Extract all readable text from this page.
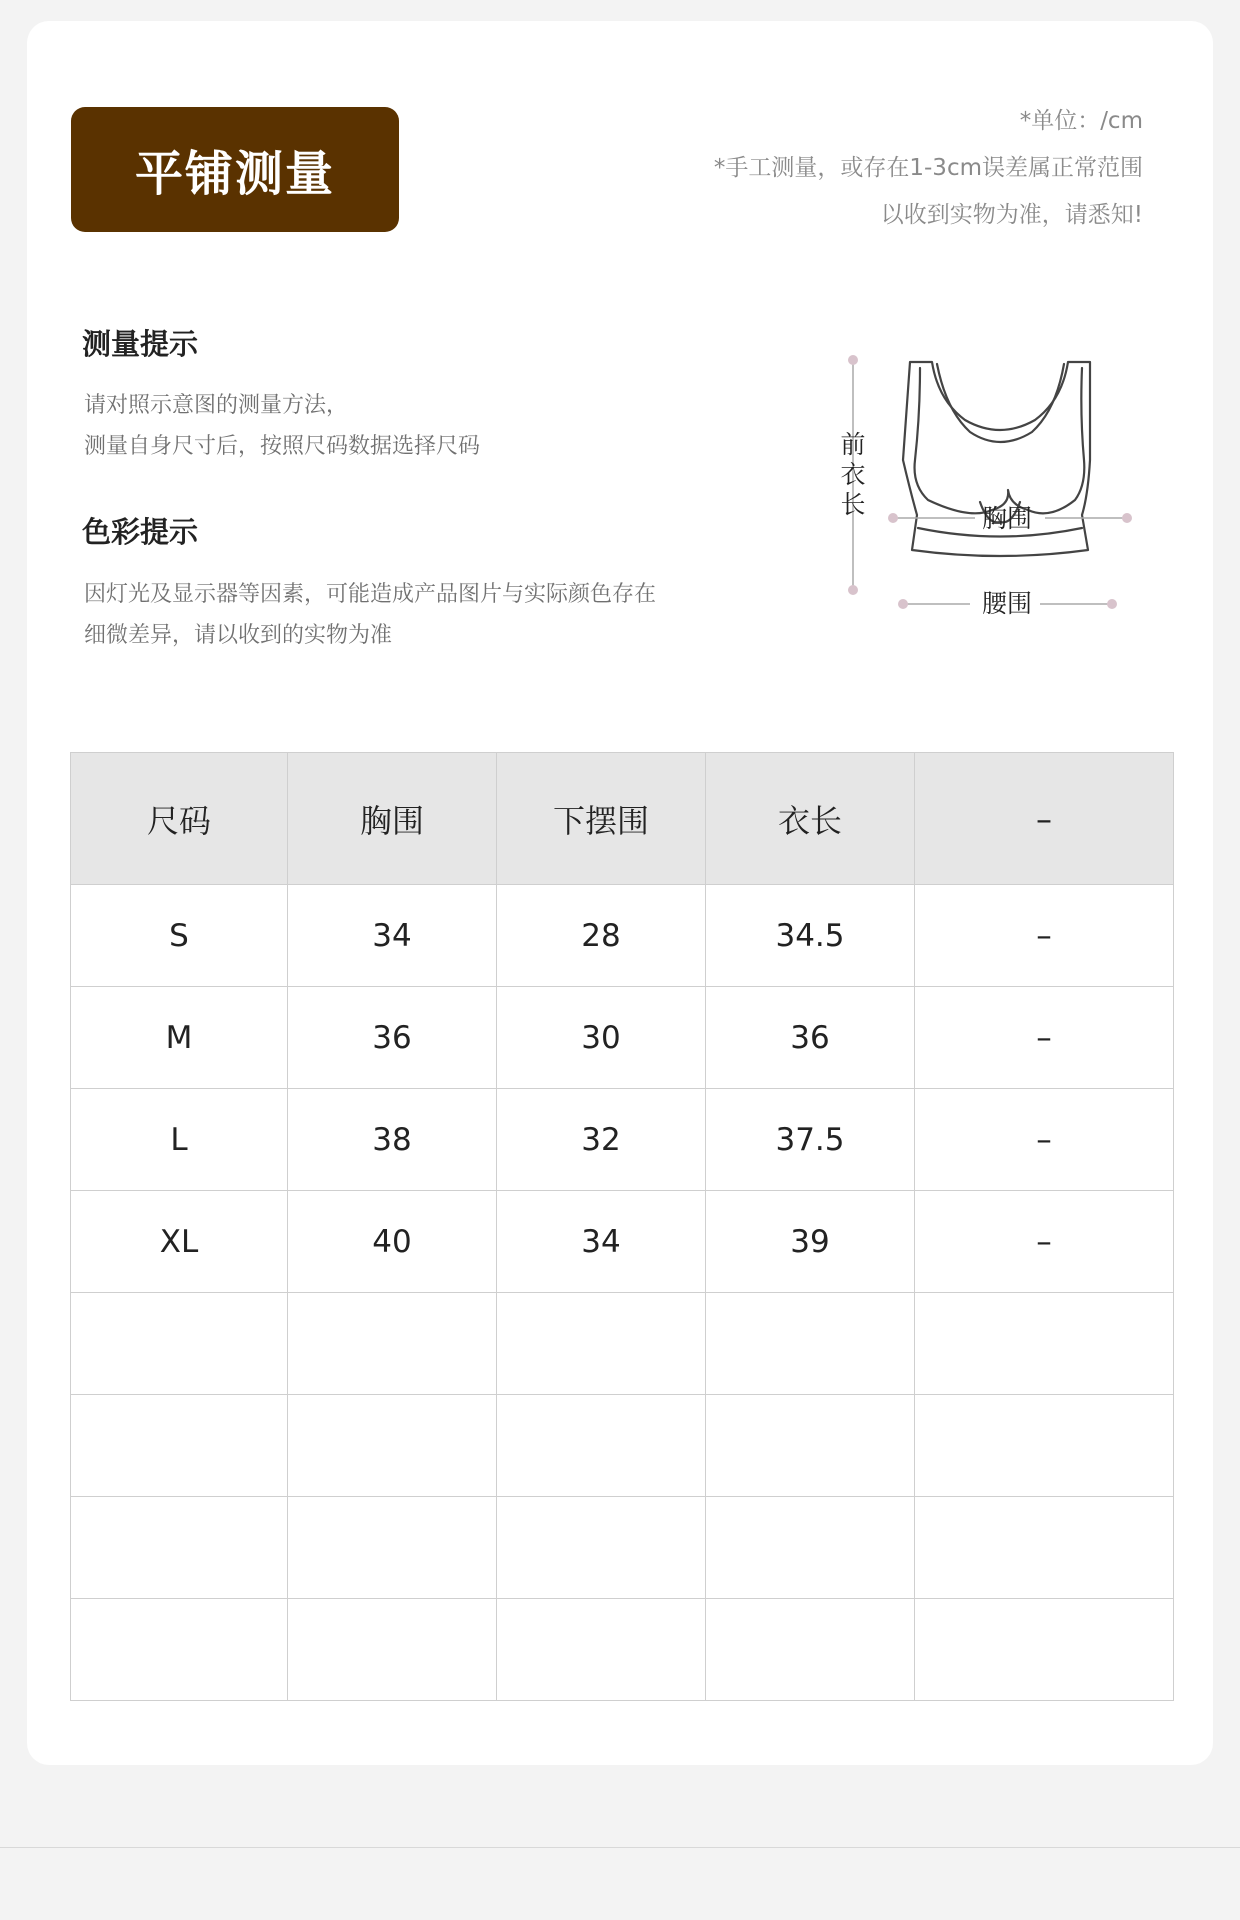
平铺测量
*单位：/cm
*手工测量，或存在1-3cm误差属正常范围
以收到实物为准，请悉知!
测量提示
请对照示意图的测量方法，
测量自身尺寸后，按照尺码数据选择尺码
色彩提示
因灯光及显示器等因素，可能造成产品图片与实际颜色存在
细微差异，请以收到的实物为准
前
衣
长	胸围
腰围
尺码	胸围	下摆围	衣长	–
S	34	28	34.5	–
M	36	30	36	–
L	38	32	37.5	–
XL	40	34	39	–
